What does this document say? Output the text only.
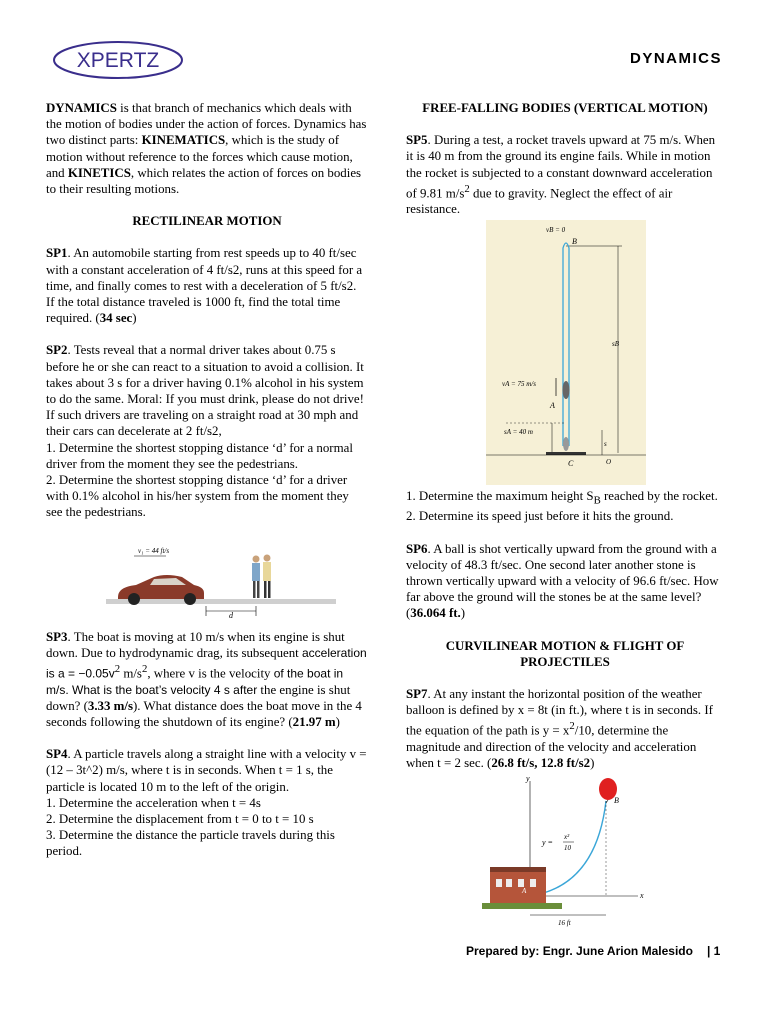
XPERTZ	DYNAMICS

DYNAMICS is that branch of mechanics which deals with the motion of bodies under the action of forces. Dynamics has two distinct parts: KINEMATICS, which is the study of motion without reference to the forces which cause motion, and KINETICS, which relates the action of forces on bodies to their resulting motions.

RECTILINEAR MOTION

SP1. An automobile starting from rest speeds up to 40 ft/sec with a constant acceleration of 4 ft/s2, runs at this speed for a time, and finally comes to rest with a deceleration of 5 ft/s2. If the total distance traveled is 1000 ft, find the total time required. (34 sec)

SP2. Tests reveal that a normal driver takes about 0.75 s before he or she can react to a situation to avoid a collision. It takes about 3 s for a driver having 0.1% alcohol in his system to do the same. Moral: If you must drink, please do not drive!

If such drivers are traveling on a straight road at 30 mph and their cars can decelerate at 2 ft/s2,

1. Determine the shortest stopping distance ‘d’ for a normal driver from the moment they see the pedestrians.

2. Determine the shortest stopping distance ‘d’ for a driver with 0.1% alcohol in his/her system from the moment they see the pedestrians.

v₁ = 44 ft/s
d

SP3. The boat is moving at 10 m/s when its engine is shut down. Due to hydrodynamic drag, its subsequent acceleration is $a = -0.05v^2$ $m/s^2$, where v is the velocity of the boat in m/s. What is the boat’s velocity 4 s after the engine is shut down? (3.33 m/s). What distance does the boat move in the 4 seconds following the shutdown of its engine? (21.97 m)

SP4. A particle travels along a straight line with a velocity v = (12 – 3t^2) m/s, where t is in seconds. When t = 1 s, the particle is located 10 m to the left of the origin.

1. Determine the acceleration when t = 4s

2. Determine the displacement from t = 0 to t = 10 s

3. Determine the distance the particle travels during this period.

FREE-FALLING BODIES (VERTICAL MOTION)

SP5. During a test, a rocket travels upward at 75 m/s. When it is 40 m from the ground its engine fails. While in motion the rocket is subjected to a constant downward acceleration of 9.81 $m/s^2$ due to gravity. Neglect the effect of air resistance.

vB = 0
B
sB
vA = 75 m/s
A
sA = 40 m
C
s
O

1. Determine the maximum height $S_B$ reached by the rocket.

2. Determine its speed just before it hits the ground.

SP6. A ball is shot vertically upward from the ground with a velocity of 48.3 ft/sec. One second later another stone is thrown vertically upward with a velocity of 96.6 ft/sec. How far above the ground will the stones be at the same level? (36.064 ft.)

CURVILINEAR MOTION & FLIGHT OF PROJECTILES

SP7. At any instant the horizontal position of the weather balloon is defined by x = 8t (in ft.), where t is in seconds. If the equation of the path is $y = x^2/10$, determine the magnitude and direction of the velocity and acceleration when t = 2 sec. (26.8 ft/s, 12.8 ft/s2)

y
x
B
y =
x²
10
A
16 ft
Prepared by: Engr. June Arion Malesido | 1
